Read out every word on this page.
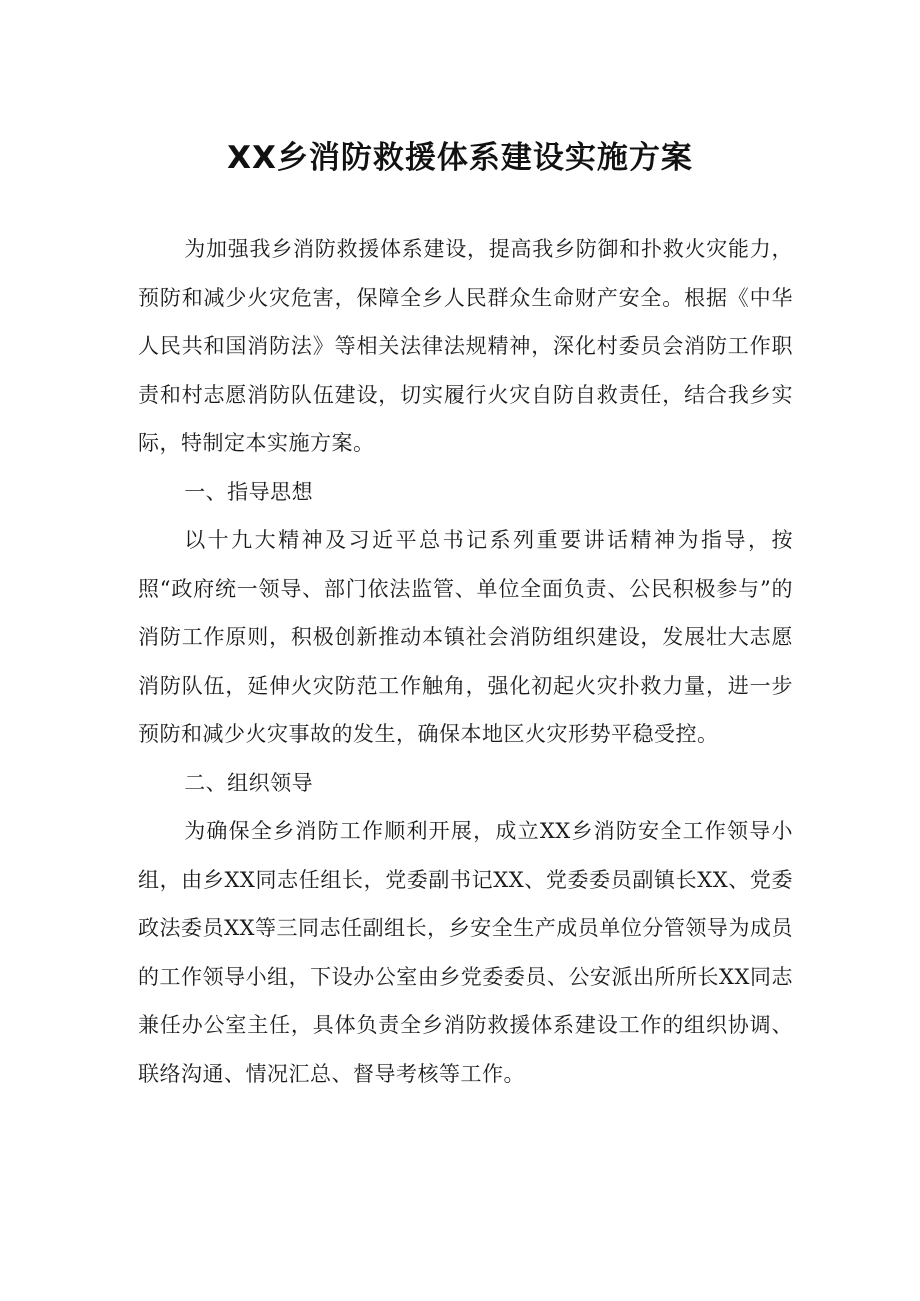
XX乡消防救援体系建设实施方案

为加强我乡消防救援体系建设，提高我乡防御和扑救火灾能力，预防和减少火灾危害，保障全乡人民群众生命财产安全。根据《中华人民共和国消防法》等相关法律法规精神，深化村委员会消防工作职责和村志愿消防队伍建设，切实履行火灾自防自救责任，结合我乡实际，特制定本实施方案。

一、指导思想

以十九大精神及习近平总书记系列重要讲话精神为指导，按照“政府统一领导、部门依法监管、单位全面负责、公民积极参与”的消防工作原则，积极创新推动本镇社会消防组织建设，发展壮大志愿消防队伍，延伸火灾防范工作触角，强化初起火灾扑救力量，进一步预防和减少火灾事故的发生，确保本地区火灾形势平稳受控。

二、组织领导

为确保全乡消防工作顺利开展，成立XX乡消防安全工作领导小组，由乡XX同志任组长，党委副书记XX、党委委员副镇长XX、党委政法委员XX等三同志任副组长，乡安全生产成员单位分管领导为成员的工作领导小组，下设办公室由乡党委委员、公安派出所所长XX同志兼任办公室主任，具体负责全乡消防救援体系建设工作的组织协调、联络沟通、情况汇总、督导考核等工作。
